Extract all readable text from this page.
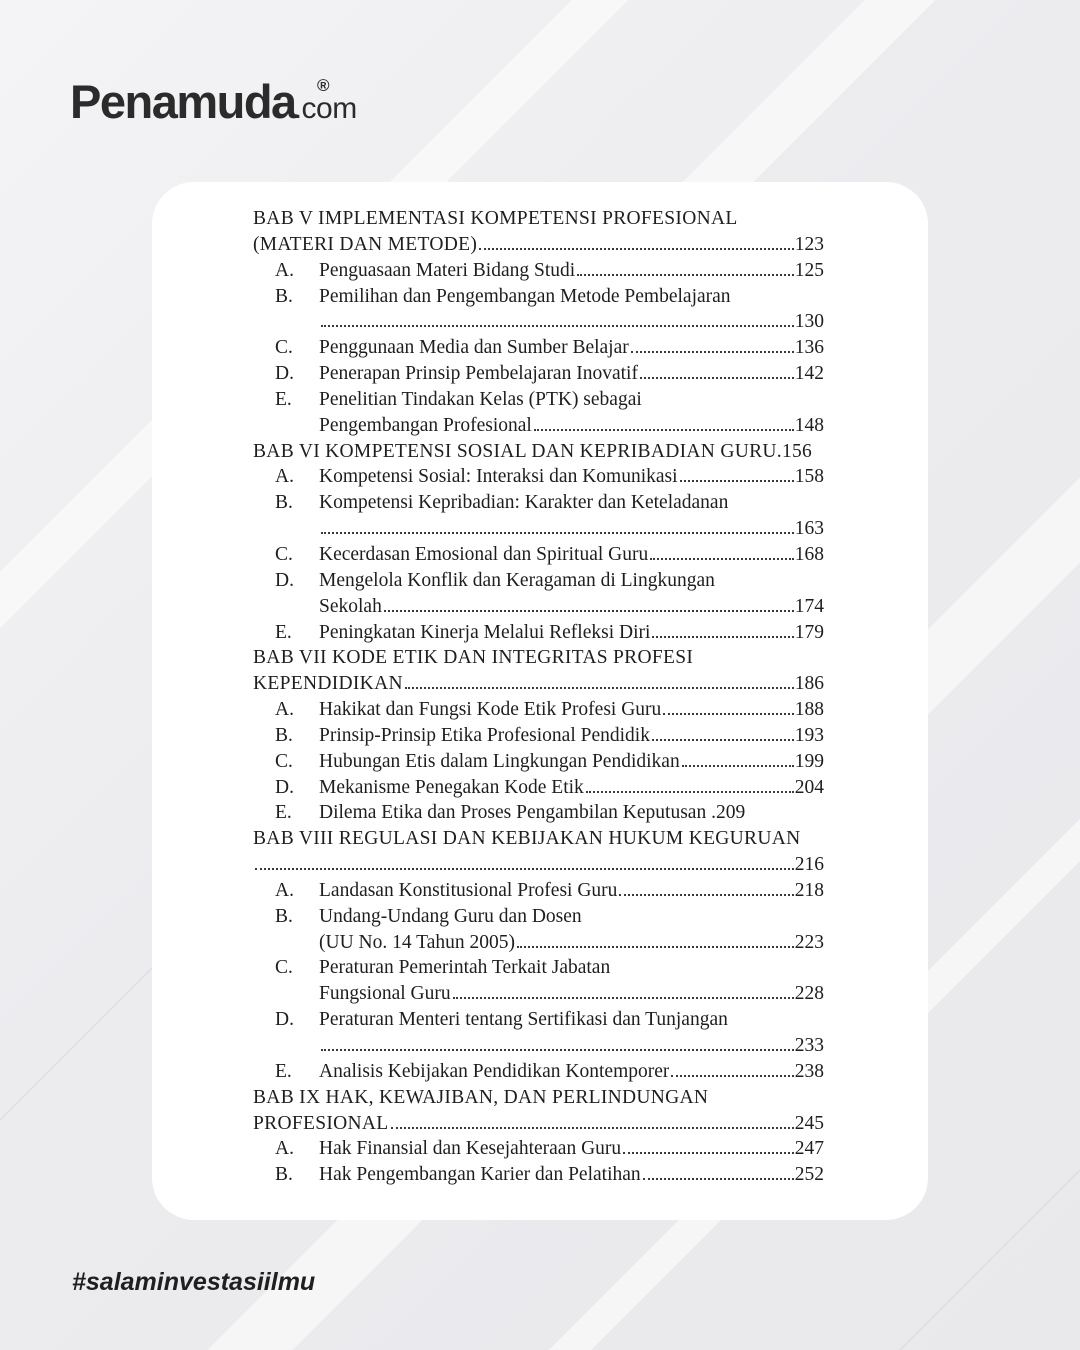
Penamuda.com
®
BAB V IMPLEMENTASI KOMPETENSI PROFESIONAL
(MATERI DAN METODE)	123
A.	Penguasaan Materi Bidang Studi	125
B.	Pemilihan dan Pengembangan Metode Pembelajaran
130
C.	Penggunaan Media dan Sumber Belajar	136
D.	Penerapan Prinsip Pembelajaran Inovatif	142
E.	Penelitian Tindakan Kelas (PTK) sebagai
Pengembangan Profesional	148
BAB VI KOMPETENSI SOSIAL DAN KEPRIBADIAN GURU.156
A.	Kompetensi Sosial: Interaksi dan Komunikasi	158
B.	Kompetensi Kepribadian: Karakter dan Keteladanan
163
C.	Kecerdasan Emosional dan Spiritual Guru	168
D.	Mengelola Konflik dan Keragaman di Lingkungan
Sekolah	174
E.	Peningkatan Kinerja Melalui Refleksi Diri	179
BAB VII KODE ETIK DAN INTEGRITAS PROFESI
KEPENDIDIKAN	186
A.	Hakikat dan Fungsi Kode Etik Profesi Guru	188
B.	Prinsip-Prinsip Etika Profesional Pendidik	193
C.	Hubungan Etis dalam Lingkungan Pendidikan	199
D.	Mekanisme Penegakan Kode Etik	204
E.	Dilema Etika dan Proses Pengambilan Keputusan .209
BAB VIII REGULASI DAN KEBIJAKAN HUKUM KEGURUAN
216
A.	Landasan Konstitusional Profesi Guru	218
B.	Undang-Undang Guru dan Dosen
(UU No. 14 Tahun 2005)	223
C.	Peraturan Pemerintah Terkait Jabatan
Fungsional Guru	228
D.	Peraturan Menteri tentang Sertifikasi dan Tunjangan
233
E.	Analisis Kebijakan Pendidikan Kontemporer	238
BAB IX HAK, KEWAJIBAN, DAN PERLINDUNGAN
PROFESIONAL	245
A.	Hak Finansial dan Kesejahteraan Guru	247
B.	Hak Pengembangan Karier dan Pelatihan	252
#salaminvestasiilmu
